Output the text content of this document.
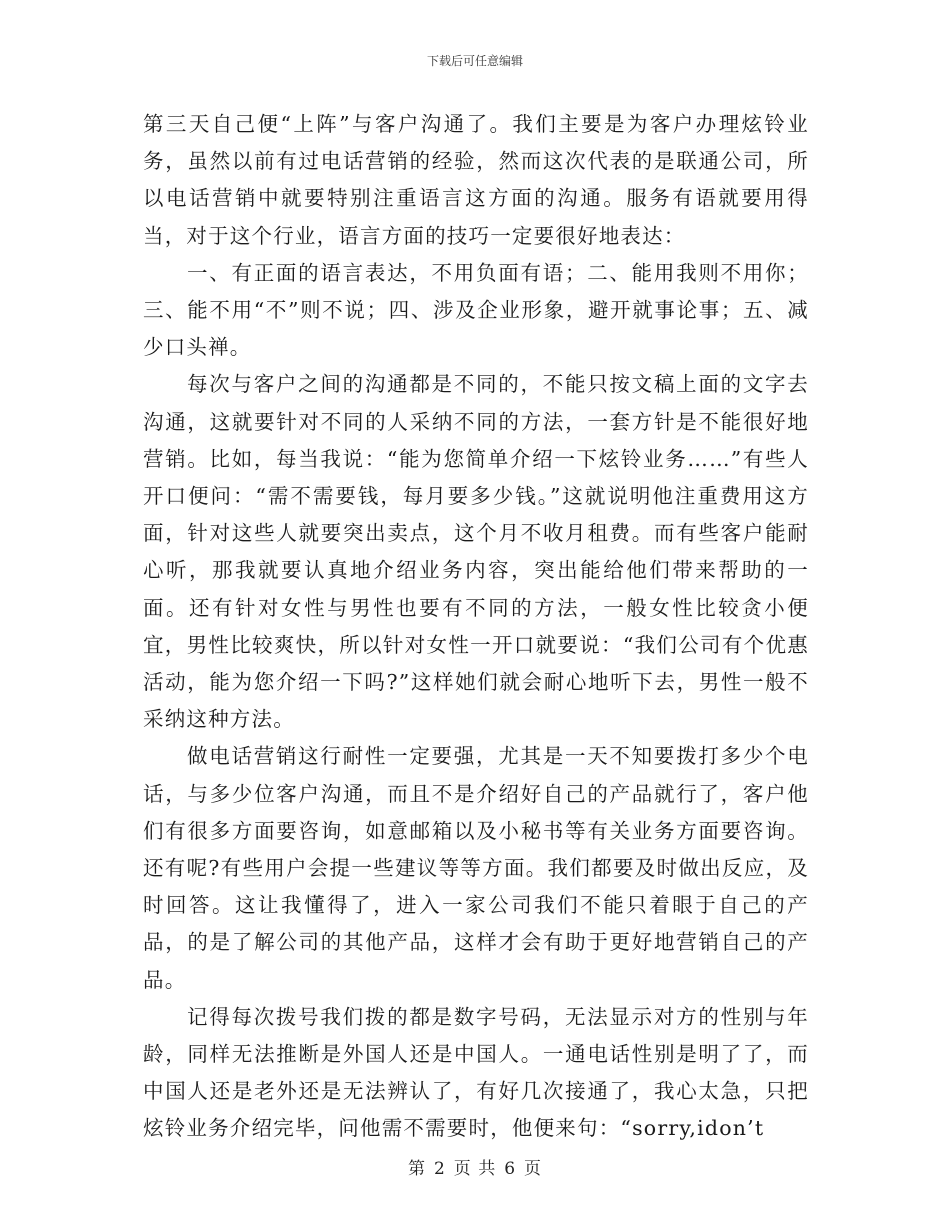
下载后可任意编辑

第三天自己便“上阵”与客户沟通了。我们主要是为客户办理炫铃业务，虽然以前有过电话营销的经验，然而这次代表的是联通公司，所以电话营销中就要特别注重语言这方面的沟通。服务有语就要用得当，对于这个行业，语言方面的技巧一定要很好地表达：

一、有正面的语言表达，不用负面有语；二、能用我则不用你；三、能不用“不”则不说；四、涉及企业形象，避开就事论事；五、减少口头禅。

每次与客户之间的沟通都是不同的，不能只按文稿上面的文字去沟通，这就要针对不同的人采纳不同的方法，一套方针是不能很好地营销。比如，每当我说：“能为您简单介绍一下炫铃业务……”有些人开口便问：“需不需要钱，每月要多少钱。”这就说明他注重费用这方面，针对这些人就要突出卖点，这个月不收月租费。而有些客户能耐心听，那我就要认真地介绍业务内容，突出能给他们带来帮助的一面。还有针对女性与男性也要有不同的方法，一般女性比较贪小便宜，男性比较爽快，所以针对女性一开口就要说：“我们公司有个优惠活动，能为您介绍一下吗?”这样她们就会耐心地听下去，男性一般不采纳这种方法。

做电话营销这行耐性一定要强，尤其是一天不知要拨打多少个电话，与多少位客户沟通，而且不是介绍好自己的产品就行了，客户他们有很多方面要咨询，如意邮箱以及小秘书等有关业务方面要咨询。还有呢?有些用户会提一些建议等等方面。我们都要及时做出反应，及时回答。这让我懂得了，进入一家公司我们不能只着眼于自己的产品，的是了解公司的其他产品，这样才会有助于更好地营销自己的产品。

记得每次拨号我们拨的都是数字号码，无法显示对方的性别与年龄，同样无法推断是外国人还是中国人。一通电话性别是明了了，而中国人还是老外还是无法辨认了，有好几次接通了，我心太急，只把炫铃业务介绍完毕，问他需不需要时，他便来句：“sorry,idon’t

第 2 页 共 6 页
